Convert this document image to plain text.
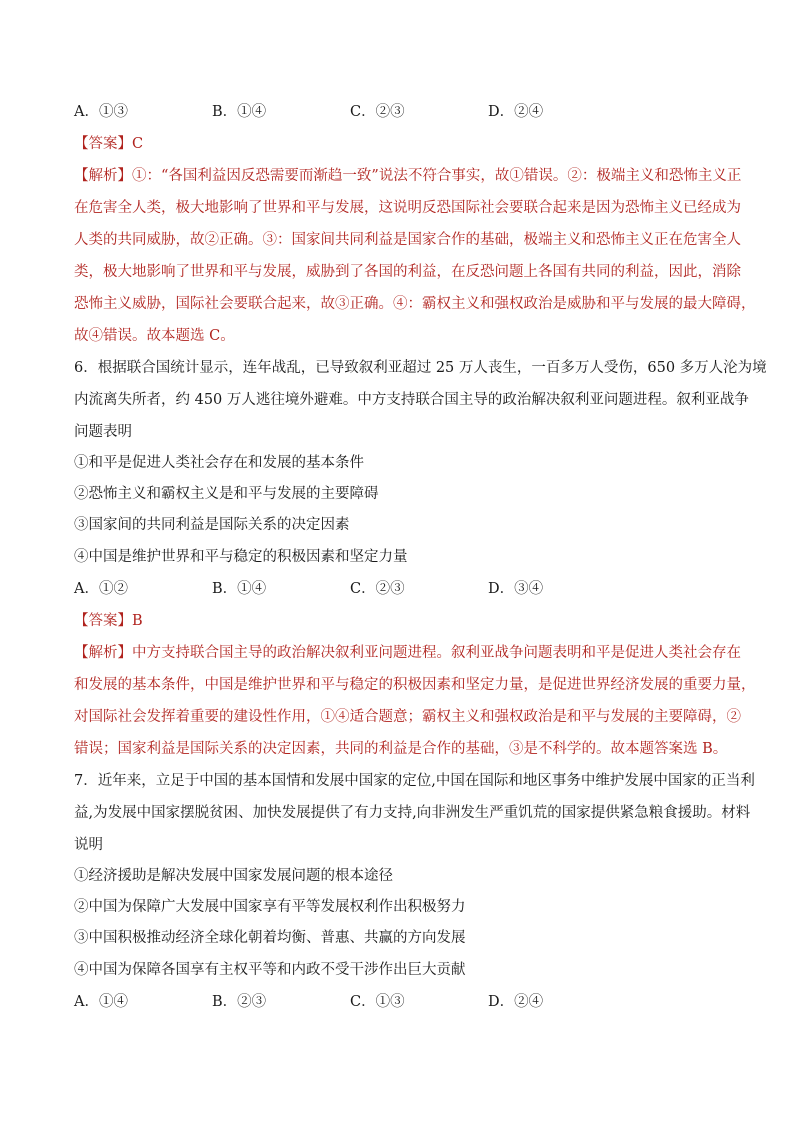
A．①③	B．①④	C．②③	D．②④
【答案】C
【解析】①：“各国利益因反恐需要而渐趋一致”说法不符合事实，故①错误。②：极端主义和恐怖主义正
在危害全人类，极大地影响了世界和平与发展，这说明反恐国际社会要联合起来是因为恐怖主义已经成为
人类的共同威胁，故②正确。③：国家间共同利益是国家合作的基础，极端主义和恐怖主义正在危害全人
类，极大地影响了世界和平与发展，威胁到了各国的利益，在反恐问题上各国有共同的利益，因此，消除
恐怖主义威胁，国际社会要联合起来，故③正确。④：霸权主义和强权政治是威胁和平与发展的最大障碍，
故④错误。故本题选 C。
6．根据联合国统计显示，连年战乱，已导致叙利亚超过 25 万人丧生，一百多万人受伤，650 多万人沦为境
内流离失所者，约 450 万人逃往境外避难。中方支持联合国主导的政治解决叙利亚问题进程。叙利亚战争
问题表明
①和平是促进人类社会存在和发展的基本条件
②恐怖主义和霸权主义是和平与发展的主要障碍
③国家间的共同利益是国际关系的决定因素
④中国是维护世界和平与稳定的积极因素和坚定力量
A．①②	B．①④	C．②③	D．③④
【答案】B
【解析】中方支持联合国主导的政治解决叙利亚问题进程。叙利亚战争问题表明和平是促进人类社会存在
和发展的基本条件，中国是维护世界和平与稳定的积极因素和坚定力量，是促进世界经济发展的重要力量，
对国际社会发挥着重要的建设性作用，①④适合题意；霸权主义和强权政治是和平与发展的主要障碍，②
错误；国家利益是国际关系的决定因素，共同的利益是合作的基础，③是不科学的。故本题答案选 B。
7．近年来，立足于中国的基本国情和发展中国家的定位,中国在国际和地区事务中维护发展中国家的正当利
益,为发展中国家摆脱贫困、加快发展提供了有力支持,向非洲发生严重饥荒的国家提供紧急粮食援助。材料
说明
①经济援助是解决发展中国家发展问题的根本途径
②中国为保障广大发展中国家享有平等发展权利作出积极努力
③中国积极推动经济全球化朝着均衡、普惠、共赢的方向发展
④中国为保障各国享有主权平等和内政不受干涉作出巨大贡献
A．①④	B．②③	C．①③	D．②④
